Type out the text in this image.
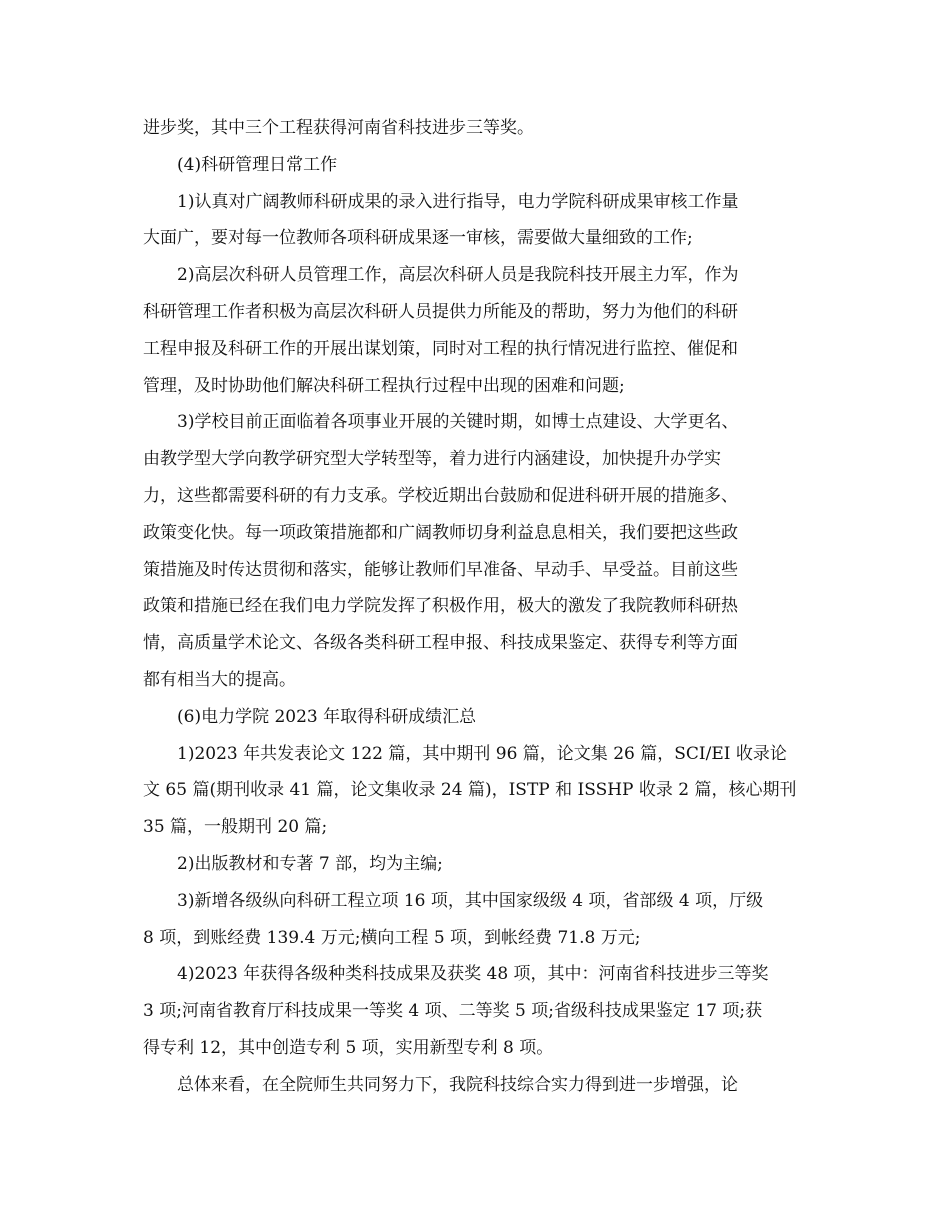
进步奖，其中三个工程获得河南省科技进步三等奖。
(4)科研管理日常工作
1)认真对广阔教师科研成果的录入进行指导，电力学院科研成果审核工作量
大面广，要对每一位教师各项科研成果逐一审核，需要做大量细致的工作;
2)高层次科研人员管理工作，高层次科研人员是我院科技开展主力军，作为
科研管理工作者积极为高层次科研人员提供力所能及的帮助，努力为他们的科研
工程申报及科研工作的开展出谋划策，同时对工程的执行情况进行监控、催促和
管理，及时协助他们解决科研工程执行过程中出现的困难和问题;
3)学校目前正面临着各项事业开展的关键时期，如博士点建设、大学更名、
由教学型大学向教学研究型大学转型等，着力进行内涵建设，加快提升办学实
力，这些都需要科研的有力支承。学校近期出台鼓励和促进科研开展的措施多、
政策变化快。每一项政策措施都和广阔教师切身利益息息相关，我们要把这些政
策措施及时传达贯彻和落实，能够让教师们早准备、早动手、早受益。目前这些
政策和措施已经在我们电力学院发挥了积极作用，极大的激发了我院教师科研热
情，高质量学术论文、各级各类科研工程申报、科技成果鉴定、获得专利等方面
都有相当大的提高。
(6)电力学院 2023 年取得科研成绩汇总
1)2023 年共发表论文 122 篇，其中期刊 96 篇，论文集 26 篇，SCI/EI 收录论
文 65 篇(期刊收录 41 篇，论文集收录 24 篇)，ISTP 和 ISSHP 收录 2 篇，核心期刊
35 篇，一般期刊 20 篇;
2)出版教材和专著 7 部，均为主编;
3)新增各级纵向科研工程立项 16 项，其中国家级级 4 项，省部级 4 项，厅级
8 项，到账经费 139.4 万元;横向工程 5 项，到帐经费 71.8 万元;
4)2023 年获得各级种类科技成果及获奖 48 项，其中：河南省科技进步三等奖
3 项;河南省教育厅科技成果一等奖 4 项、二等奖 5 项;省级科技成果鉴定 17 项;获
得专利 12，其中创造专利 5 项，实用新型专利 8 项。
总体来看，在全院师生共同努力下，我院科技综合实力得到进一步增强，论
